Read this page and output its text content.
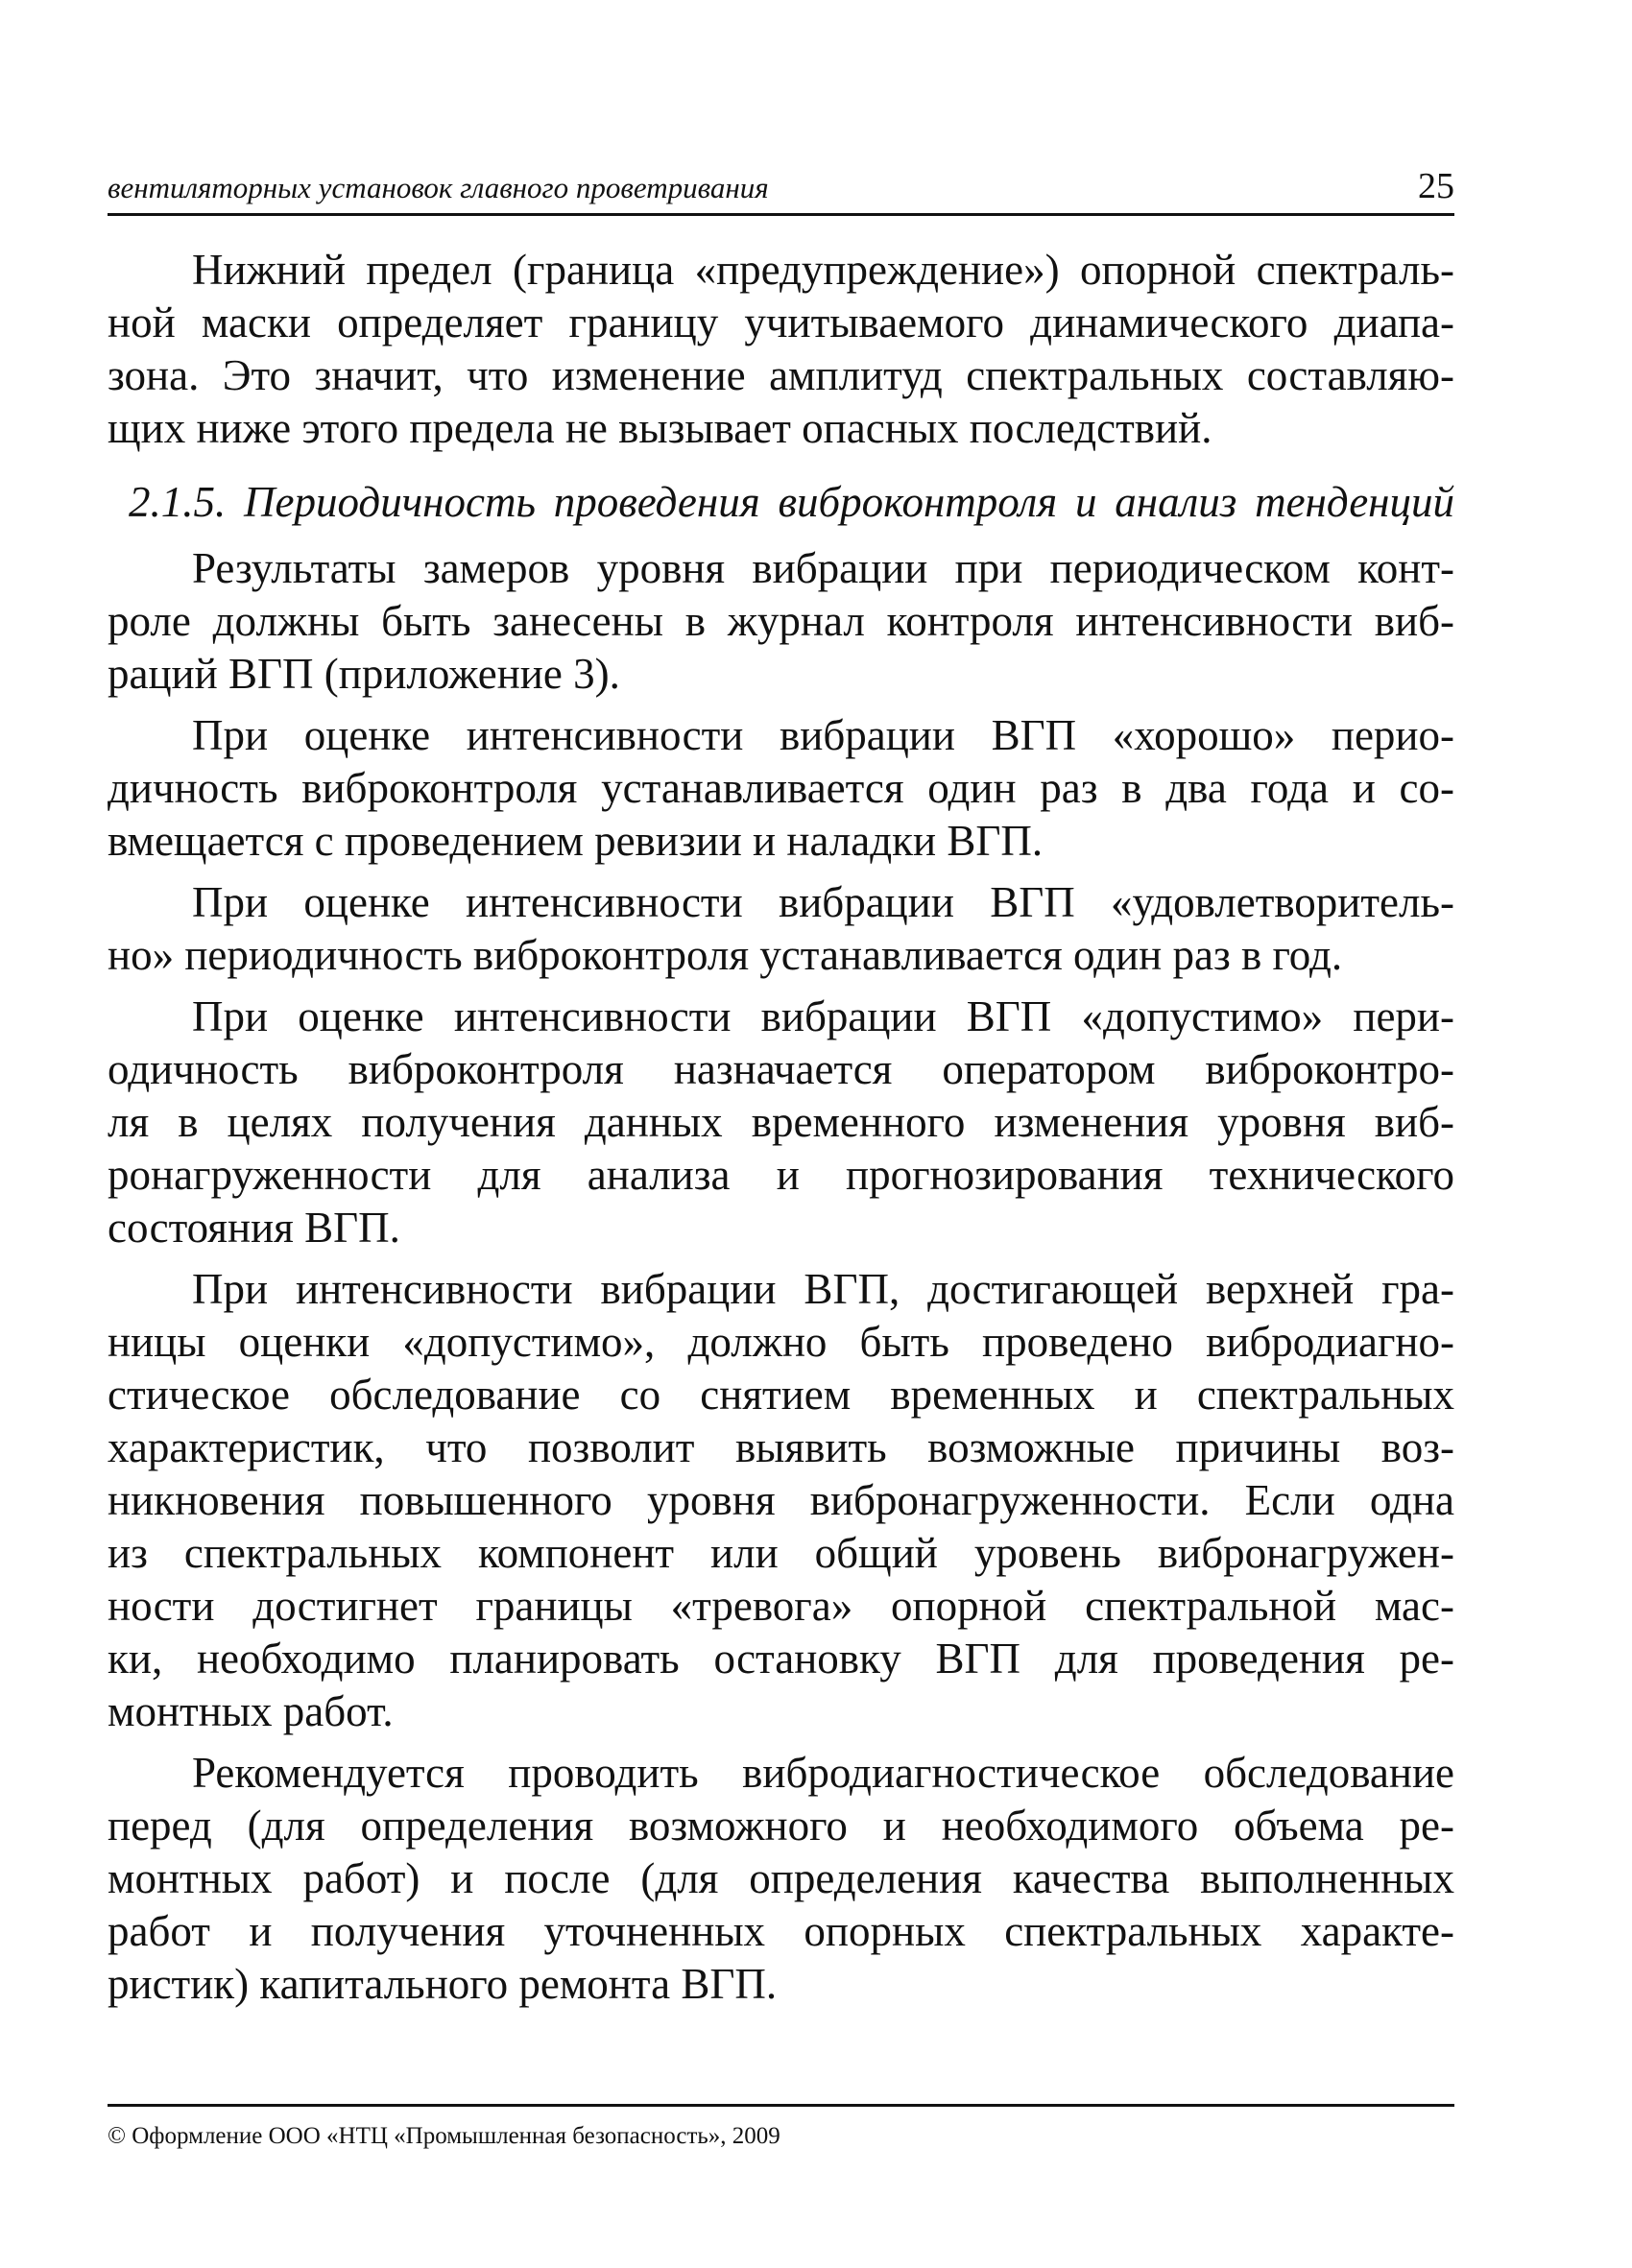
вентиляторных установок главного проветривания	25
Нижний предел (граница «предупреждение») опорной спектраль-
ной маски определяет границу учитываемого динамического диапа-
зона. Это значит, что изменение амплитуд спектральных составляю-
щих ниже этого предела не вызывает опасных последствий.
2.1.5. Периодичность проведения виброконтроля и анализ тенденций
Результаты замеров уровня вибрации при периодическом конт-
роле должны быть занесены в журнал контроля интенсивности виб-
раций ВГП (приложение 3).
При оценке интенсивности вибрации ВГП «хорошо» перио-
дичность виброконтроля устанавливается один раз в два года и со-
вмещается с проведением ревизии и наладки ВГП.
При оценке интенсивности вибрации ВГП «удовлетворитель-
но» периодичность виброконтроля устанавливается один раз в год.
При оценке интенсивности вибрации ВГП «допустимо» пери-
одичность виброконтроля назначается оператором виброконтро-
ля в целях получения данных временного изменения уровня виб-
ронагруженности для анализа и прогнозирования технического
состояния ВГП.
При интенсивности вибрации ВГП, достигающей верхней гра-
ницы оценки «допустимо», должно быть проведено вибродиагно-
стическое обследование со снятием временных и спектральных
характеристик, что позволит выявить возможные причины воз-
никновения повышенного уровня вибронагруженности. Если одна
из спектральных компонент или общий уровень вибронагружен-
ности достигнет границы «тревога» опорной спектральной мас-
ки, необходимо планировать остановку ВГП для проведения ре-
монтных работ.
Рекомендуется проводить вибродиагностическое обследование
перед (для определения возможного и необходимого объема ре-
монтных работ) и после (для определения качества выполненных
работ и получения уточненных опорных спектральных характе-
ристик) капитального ремонта ВГП.
© Оформление ООО «НТЦ «Промышленная безопасность», 2009
